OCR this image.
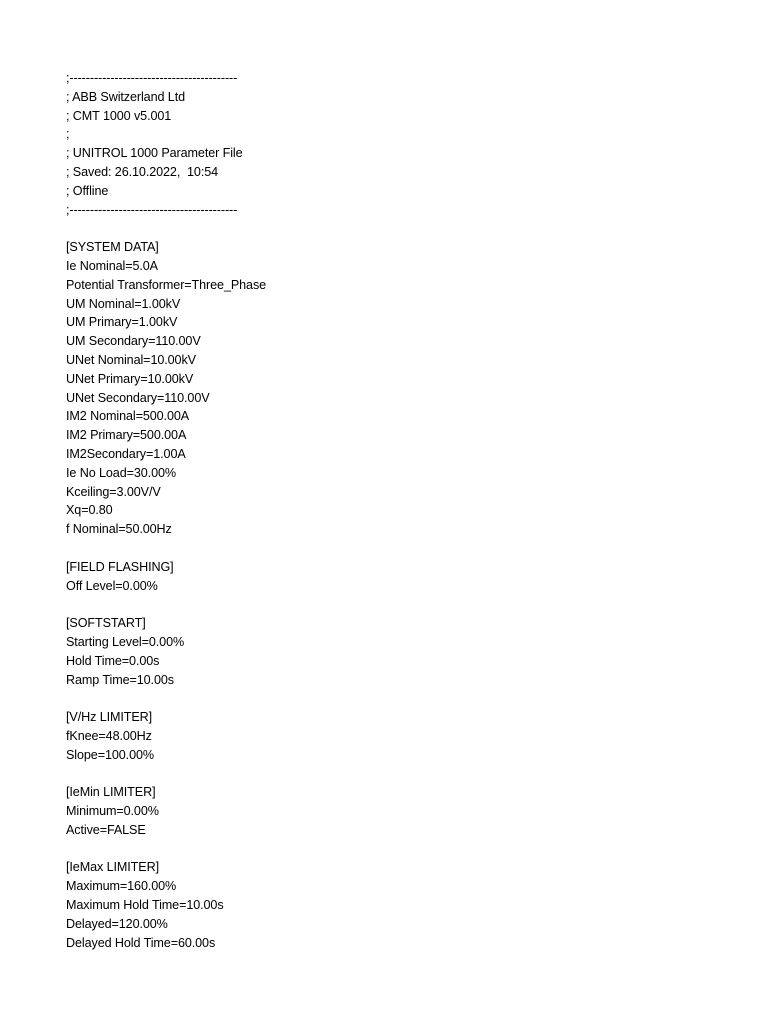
;-----------------------------------------
; ABB Switzerland Ltd
; CMT 1000 v5.001
;
; UNITROL 1000 Parameter File
; Saved: 26.10.2022,  10:54
; Offline
;-----------------------------------------
[SYSTEM DATA]
Ie Nominal=5.0A
Potential Transformer=Three_Phase
UM Nominal=1.00kV
UM Primary=1.00kV
UM Secondary=110.00V
UNet Nominal=10.00kV
UNet Primary=10.00kV
UNet Secondary=110.00V
IM2 Nominal=500.00A
IM2 Primary=500.00A
IM2Secondary=1.00A
Ie No Load=30.00%
Kceiling=3.00V/V
Xq=0.80
f Nominal=50.00Hz
[FIELD FLASHING]
Off Level=0.00%
[SOFTSTART]
Starting Level=0.00%
Hold Time=0.00s
Ramp Time=10.00s
[V/Hz LIMITER]
fKnee=48.00Hz
Slope=100.00%
[IeMin LIMITER]
Minimum=0.00%
Active=FALSE
[IeMax LIMITER]
Maximum=160.00%
Maximum Hold Time=10.00s
Delayed=120.00%
Delayed Hold Time=60.00s
